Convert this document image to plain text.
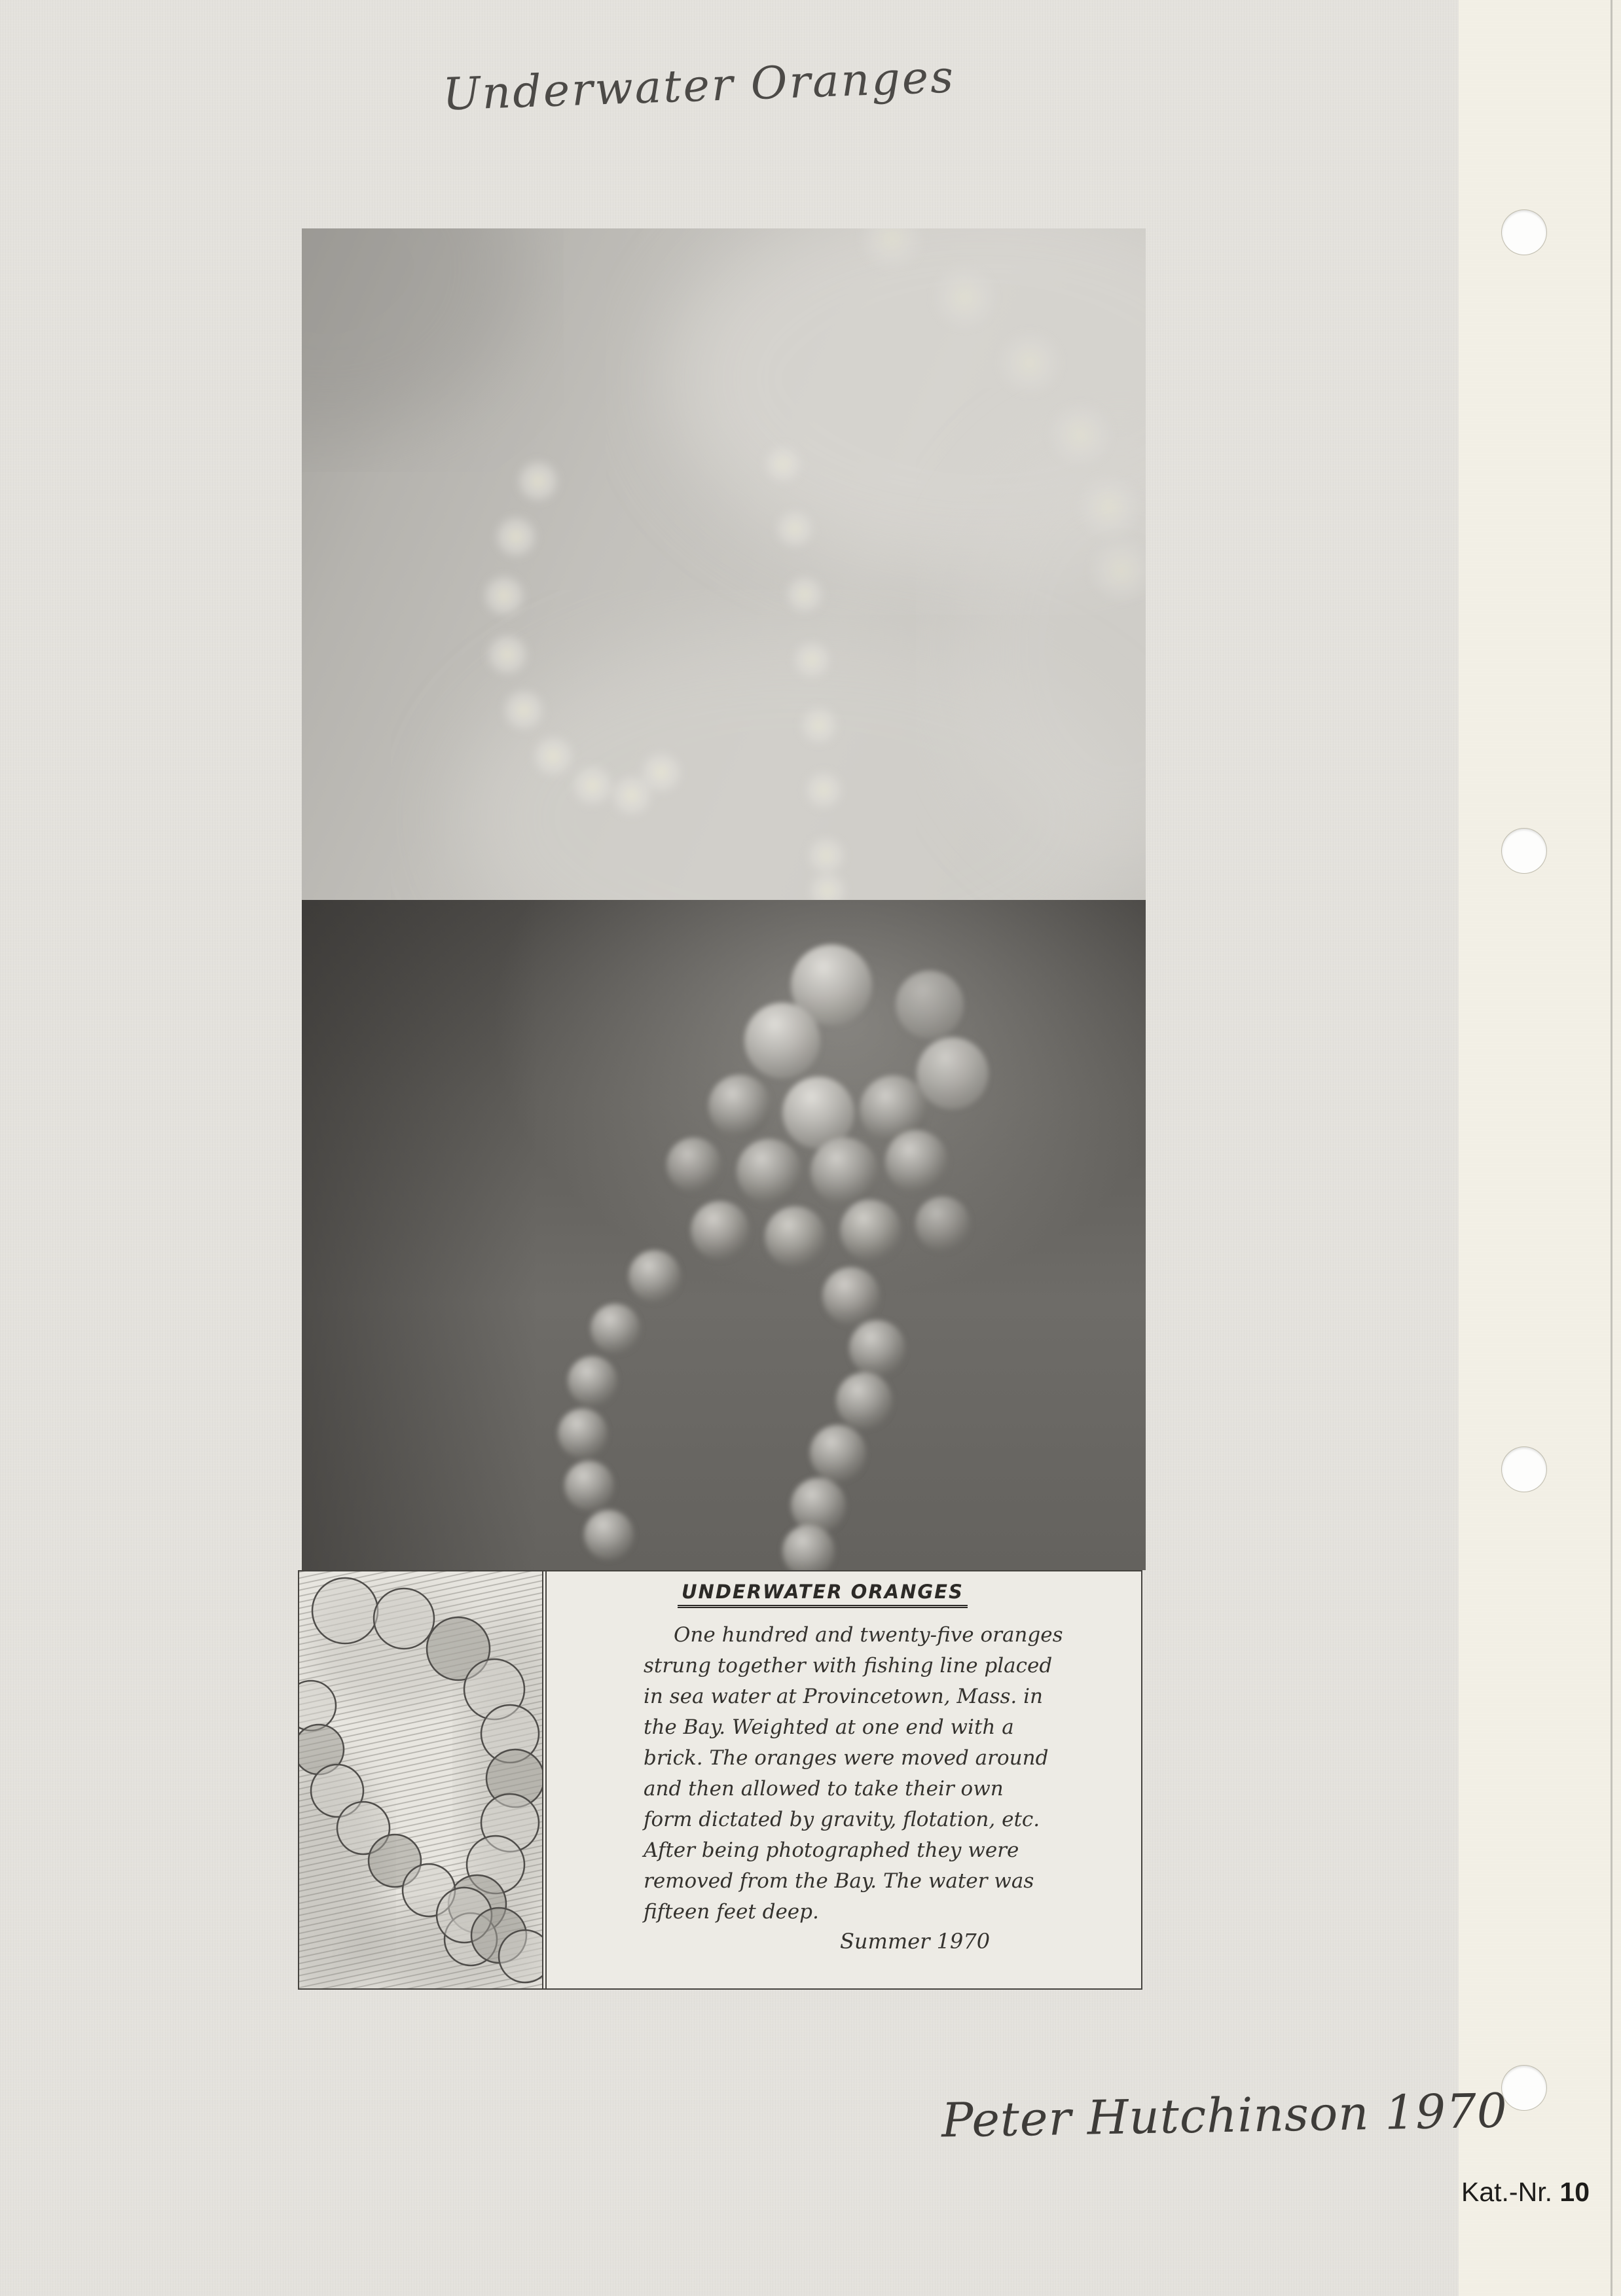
Underwater Oranges
UNDERWATER ORANGES
One hundred and twenty-five oranges
strung together with fishing line placed
in sea water at Provincetown, Mass. in
the Bay. Weighted at one end with a
brick. The oranges were moved around
and then allowed to take their own
form dictated by gravity, flotation, etc.
After being photographed they were
removed from the Bay. The water was
fifteen feet deep.
Summer 1970
Peter Hutchinson 1970
Kat.-Nr. 10
